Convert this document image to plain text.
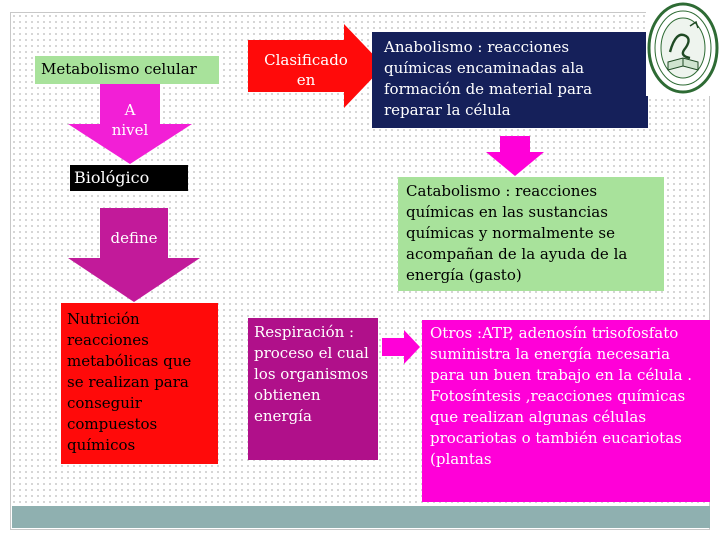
Metabolismo celular
A
nivel
Biológico
define
Nutrición
reacciones
metabólicas que
se realizan para
conseguir
compuestos
químicos
Clasificado
en
Anabolismo : reacciones
químicas encaminadas ala
formación de material para
reparar la célula
Catabolismo : reacciones
químicas en las sustancias
químicas y normalmente se
acompañan de la ayuda de la
energía (gasto)
Respiración :
proceso el cual
los organismos
obtienen
energía
Otros :ATP, adenosín trisofosfato
suministra la energía necesaria
para un buen trabajo en la célula .
Fotosíntesis ,reacciones químicas
que realizan algunas células
procariotas o también eucariotas
(plantas
